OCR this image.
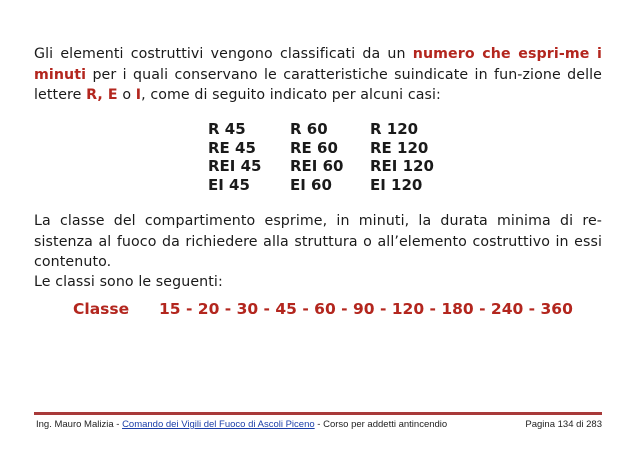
Gli elementi costruttivi vengono classificati da un numero che espri-me i minuti per i quali conservano le caratteristiche suindicate in fun-zione delle lettere R, E o I, come di seguito indicato per alcuni casi:

R 45
RE 45
REI 45
EI 45
R 60
RE 60
REI 60
EI 60
R 120
RE 120
REI 120
EI 120

La classe del compartimento esprime, in minuti, la durata minima di re-sistenza al fuoco da richiedere alla struttura o all’elemento costruttivo in essi contenuto.

Le classi sono le seguenti:

Classe 15 - 20 - 30 - 45 - 60 - 90 - 120 - 180 - 240 - 360
Ing. Mauro Malizia - Comando dei Vigili del Fuoco di Ascoli Piceno - Corso per addetti antincendio	Pagina 134 di 283
